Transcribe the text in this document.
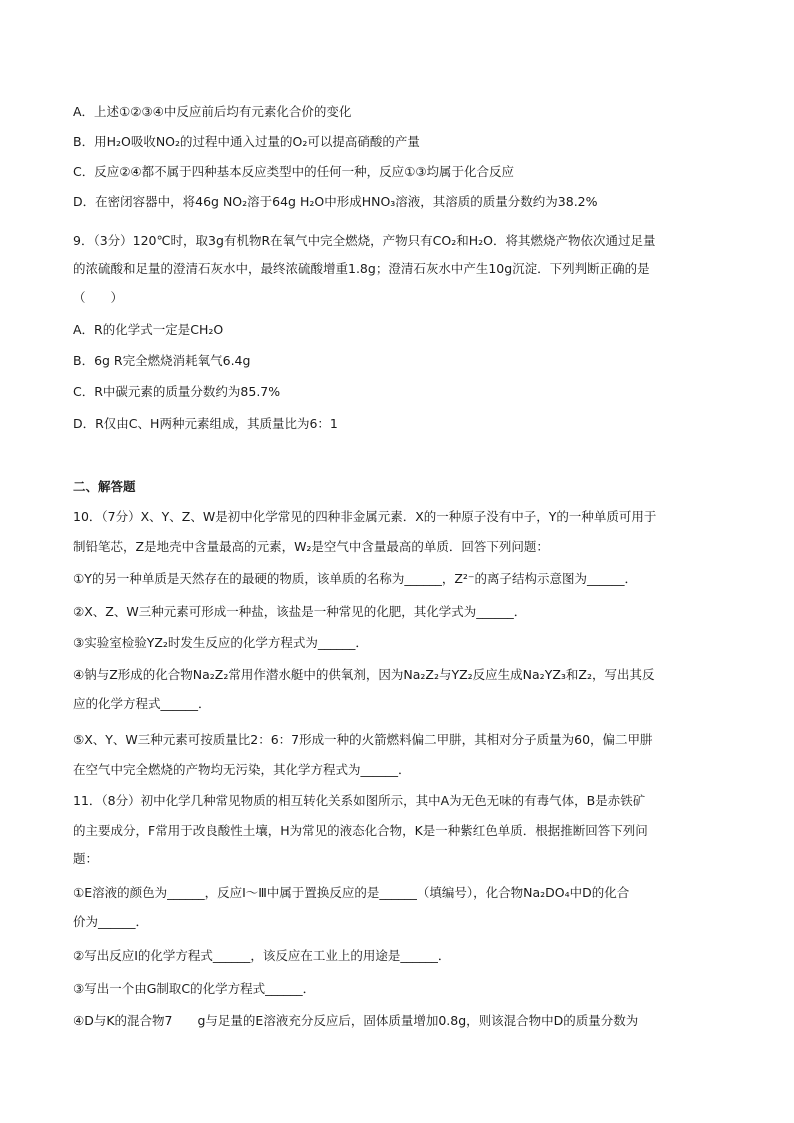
A．上述①②③④中反应前后均有元素化合价的变化
B．用H₂O吸收NO₂的过程中通入过量的O₂可以提高硝酸的产量
C．反应②④都不属于四种基本反应类型中的任何一种，反应①③均属于化合反应
D．在密闭容器中，将46g NO₂溶于64g H₂O中形成HNO₃溶液，其溶质的质量分数约为38.2%
9．（3分）120℃时，取3g有机物R在氧气中完全燃烧，产物只有CO₂和H₂O．将其燃烧产物依次通过足量
的浓硫酸和足量的澄清石灰水中，最终浓硫酸增重1.8g；澄清石灰水中产生10g沉淀．下列判断正确的是
（　　）
A．R的化学式一定是CH₂O
B．6g R完全燃烧消耗氧气6.4g
C．R中碳元素的质量分数约为85.7%
D．R仅由C、H两种元素组成，其质量比为6：1
二、解答题
10．（7分）X、Y、Z、W是初中化学常见的四种非金属元素．X的一种原子没有中子，Y的一种单质可用于
制铅笔芯，Z是地壳中含量最高的元素，W₂是空气中含量最高的单质．回答下列问题：
①Y的另一种单质是天然存在的最硬的物质，该单质的名称为______，Z²⁻的离子结构示意图为______．
②X、Z、W三种元素可形成一种盐，该盐是一种常见的化肥，其化学式为______．
③实验室检验YZ₂时发生反应的化学方程式为______．
④钠与Z形成的化合物Na₂Z₂常用作潜水艇中的供氧剂，因为Na₂Z₂与YZ₂反应生成Na₂YZ₃和Z₂，写出其反
应的化学方程式______．
⑤X、Y、W三种元素可按质量比2：6：7形成一种的火箭燃料偏二甲肼，其相对分子质量为60，偏二甲肼
在空气中完全燃烧的产物均无污染，其化学方程式为______．
11．（8分）初中化学几种常见物质的相互转化关系如图所示，其中A为无色无味的有毒气体，B是赤铁矿
的主要成分，F常用于改良酸性土壤，H为常见的液态化合物，K是一种紫红色单质．根据推断回答下列问
题：
①E溶液的颜色为______，反应Ⅰ～Ⅲ中属于置换反应的是______（填编号），化合物Na₂DO₄中D的化合
价为______．
②写出反应Ⅰ的化学方程式______，该反应在工业上的用途是______．
③写出一个由G制取C的化学方程式______．
④D与K的混合物7　　g与足量的E溶液充分反应后，固体质量增加0.8g，则该混合物中D的质量分数为
